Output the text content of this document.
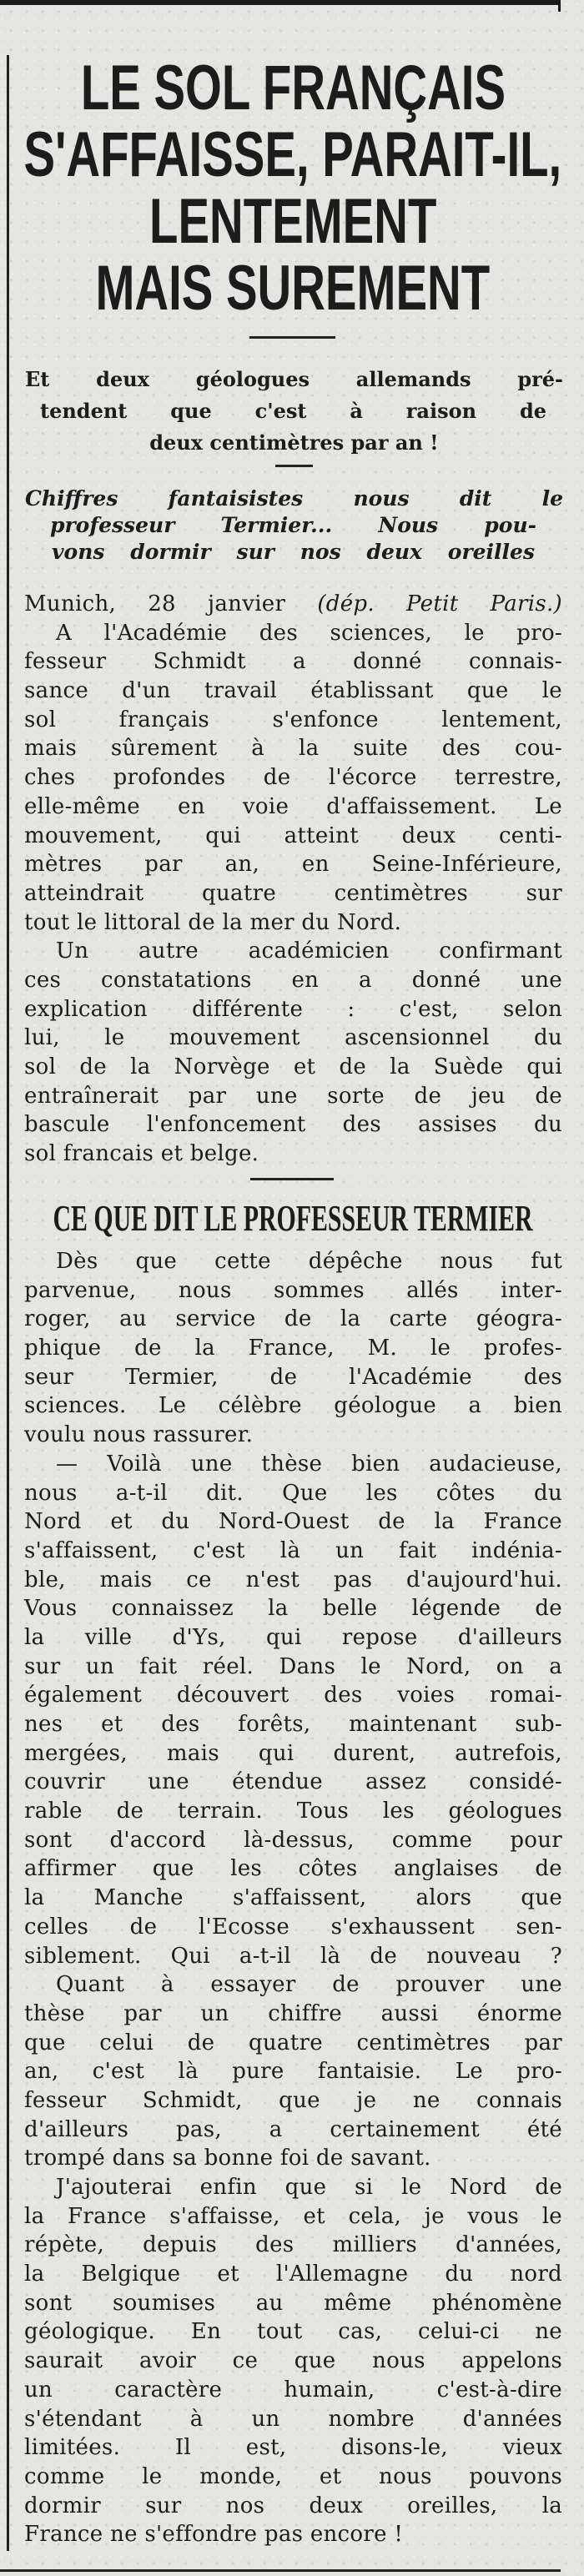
LE SOL FRANÇAIS
S'AFFAISSE, PARAIT-IL,
LENTEMENT
MAIS SUREMENT
Et deux géologues allemands pré-
tendent que c'est à raison de
deux centimètres par an !
Chiffres fantaisistes nous dit le
professeur Termier... Nous pou-
vons dormir sur nos deux oreilles
Munich, 28 janvier (dép. Petit Paris.)
A l'Académie des sciences, le pro-
fesseur Schmidt a donné connais-
sance d'un travail établissant que le
sol français s'enfonce lentement,
mais sûrement à la suite des cou-
ches profondes de l'écorce terrestre,
elle-même en voie d'affaissement. Le
mouvement, qui atteint deux centi-
mètres par an, en Seine-Inférieure,
atteindrait quatre centimètres sur
tout le littoral de la mer du Nord.
Un autre académicien confirmant
ces constatations en a donné une
explication différente : c'est, selon
lui, le mouvement ascensionnel du
sol de la Norvège et de la Suède qui
entraînerait par une sorte de jeu de
bascule l'enfoncement des assises du
sol francais et belge.
CE QUE DIT LE PROFESSEUR TERMIER
Dès que cette dépêche nous fut
parvenue, nous sommes allés inter-
roger, au service de la carte géogra-
phique de la France, M. le profes-
seur Termier, de l'Académie des
sciences. Le célèbre géologue a bien
voulu nous rassurer.
— Voilà une thèse bien audacieuse,
nous a-t-il dit. Que les côtes du
Nord et du Nord-Ouest de la France
s'affaissent, c'est là un fait indénia-
ble, mais ce n'est pas d'aujourd'hui.
Vous connaissez la belle légende de
la ville d'Ys, qui repose d'ailleurs
sur un fait réel. Dans le Nord, on a
également découvert des voies romai-
nes et des forêts, maintenant sub-
mergées, mais qui durent, autrefois,
couvrir une étendue assez considé-
rable de terrain. Tous les géologues
sont d'accord là-dessus, comme pour
affirmer que les côtes anglaises de
la Manche s'affaissent, alors que
celles de l'Ecosse s'exhaussent sen-
siblement. Qui a-t-il là de nouveau ?
Quant à essayer de prouver une
thèse par un chiffre aussi énorme
que celui de quatre centimètres par
an, c'est là pure fantaisie. Le pro-
fesseur Schmidt, que je ne connais
d'ailleurs pas, a certainement été
trompé dans sa bonne foi de savant.
J'ajouterai enfin que si le Nord de
la France s'affaisse, et cela, je vous le
répète, depuis des milliers d'années,
la Belgique et l'Allemagne du nord
sont soumises au même phénomène
géologique. En tout cas, celui-ci ne
saurait avoir ce que nous appelons
un caractère humain, c'est-à-dire
s'étendant à un nombre d'années
limitées. Il est, disons-le, vieux
comme le monde, et nous pouvons
dormir sur nos deux oreilles, la
France ne s'effondre pas encore !
